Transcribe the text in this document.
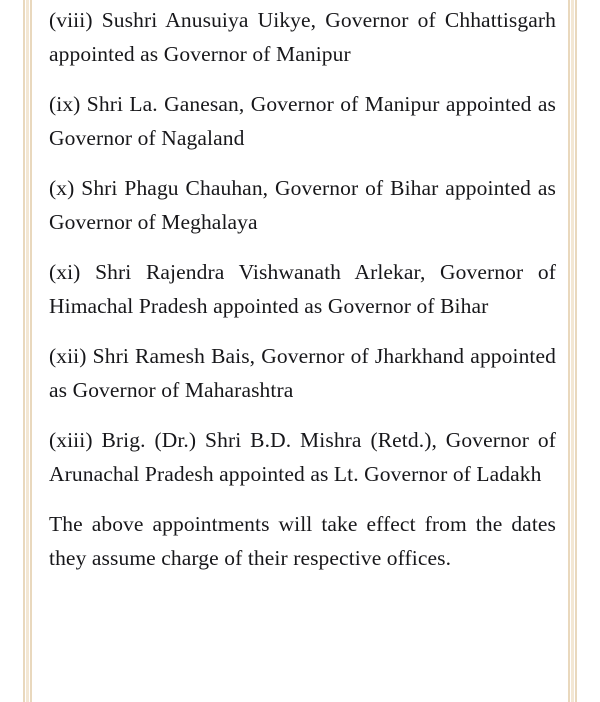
(viii) Sushri Anusuiya Uikye, Governor of Chhattisgarh appointed as Governor of Manipur

(ix) Shri La. Ganesan, Governor of Manipur appointed as Governor of Nagaland

(x) Shri Phagu Chauhan, Governor of Bihar appointed as Governor of Meghalaya

(xi) Shri Rajendra Vishwanath Arlekar, Governor of Himachal Pradesh appointed as Governor of Bihar

(xii) Shri Ramesh Bais, Governor of Jharkhand appointed as Governor of Maharashtra

(xiii) Brig. (Dr.) Shri B.D. Mishra (Retd.), Governor of Arunachal Pradesh appointed as Lt. Governor of Ladakh

The above appointments will take effect from the dates they assume charge of their respective offices.
